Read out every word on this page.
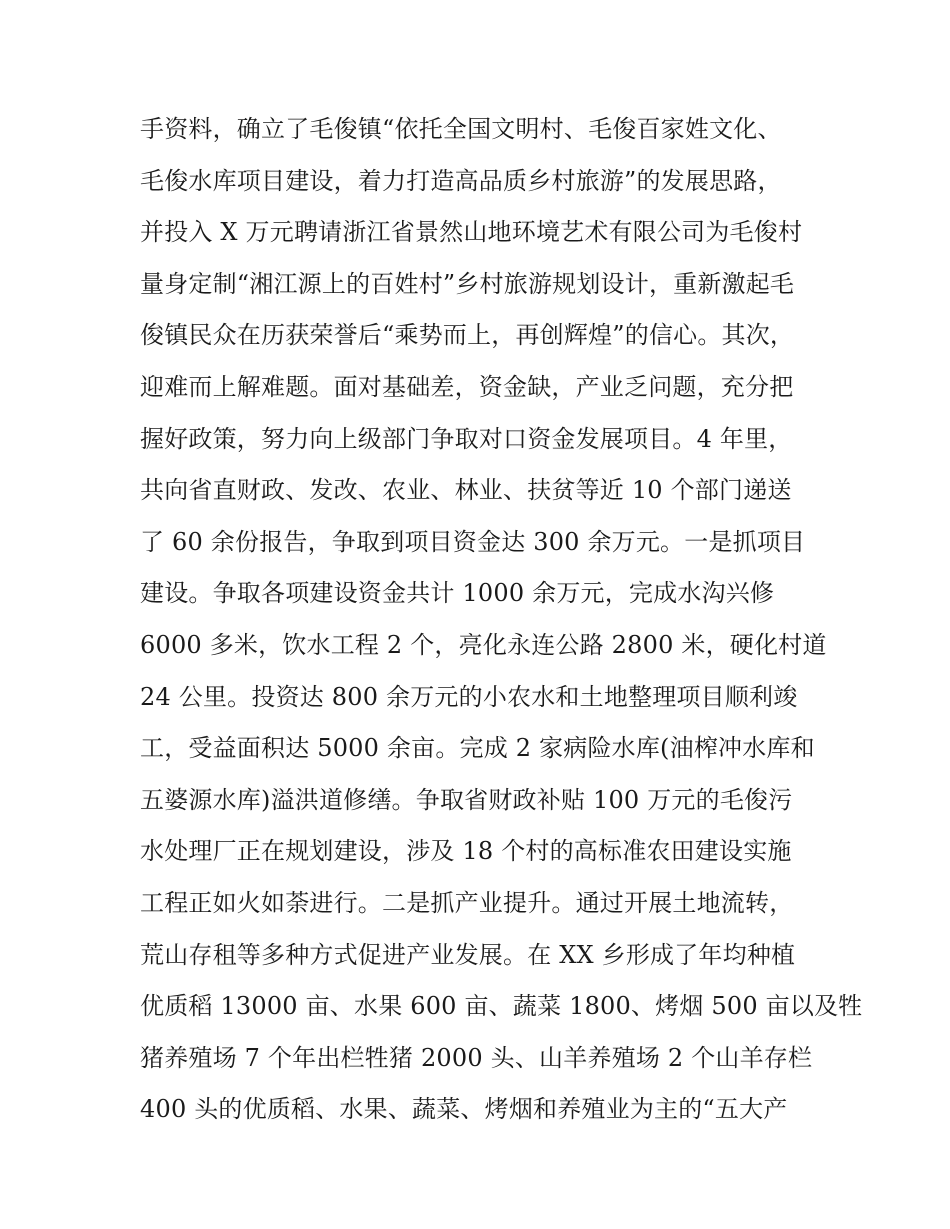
手资料，确立了毛俊镇“依托全国文明村、毛俊百家姓文化、
毛俊水库项目建设，着力打造高品质乡村旅游”的发展思路，
并投入 X 万元聘请浙江省景然山地环境艺术有限公司为毛俊村
量身定制“湘江源上的百姓村”乡村旅游规划设计，重新激起毛
俊镇民众在历获荣誉后“乘势而上，再创辉煌”的信心。其次，
迎难而上解难题。面对基础差，资金缺，产业乏问题，充分把
握好政策，努力向上级部门争取对口资金发展项目。4 年里，
共向省直财政、发改、农业、林业、扶贫等近 10 个部门递送
了 60 余份报告，争取到项目资金达 300 余万元。一是抓项目
建设。争取各项建设资金共计 1000 余万元，完成水沟兴修
6000 多米，饮水工程 2 个，亮化永连公路 2800 米，硬化村道
24 公里。投资达 800 余万元的小农水和土地整理项目顺利竣
工，受益面积达 5000 余亩。完成 2 家病险水库(油榨冲水库和
五婆源水库)溢洪道修缮。争取省财政补贴 100 万元的毛俊污
水处理厂正在规划建设，涉及 18 个村的高标准农田建设实施
工程正如火如荼进行。二是抓产业提升。通过开展土地流转，
荒山存租等多种方式促进产业发展。在 XX 乡形成了年均种植
优质稻 13000 亩、水果 600 亩、蔬菜 1800、烤烟 500 亩以及牲
猪养殖场 7 个年出栏牲猪 2000 头、山羊养殖场 2 个山羊存栏
400 头的优质稻、水果、蔬菜、烤烟和养殖业为主的“五大产
